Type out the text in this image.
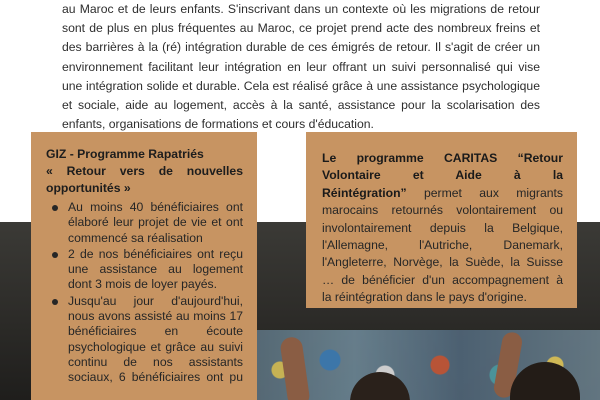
au Maroc et de leurs enfants. S'inscrivant dans un contexte où les migrations de retour
sont de plus en plus fréquentes au Maroc, ce projet prend acte des nombreux freins et
des barrières à la (ré) intégration durable de ces émigrés de retour. Il s'agit de créer un
environnement facilitant leur intégration en leur offrant un suivi personnalisé qui vise
une intégration solide et durable. Cela est réalisé grâce à une assistance psychologique
et sociale, aide au logement, accès à la santé, assistance pour la scolarisation des
enfants, organisations de formations et cours d'éducation.
GIZ - Programme Rapatriés
« Retour vers de nouvelles
opportunités »
Au moins 40 bénéficiaires ont
élaboré leur projet de vie et ont
commencé sa réalisation
2 de nos bénéficiaires ont reçu
une assistance au logement
dont 3 mois de loyer payés.
Jusqu'au jour d'aujourd'hui,
nous avons assisté au moins 17
bénéficiaires en écoute
psychologique et grâce au suivi
continu de nos assistants
sociaux, 6 bénéficiaires ont pu
Le programme CARITAS “Retour
Volontaire et Aide à la
Réintégration” permet aux migrants
marocains retournés volontairement ou
involontairement depuis la Belgique,
l'Allemagne, l'Autriche, Danemark,
l'Angleterre, Norvège, la Suède, la Suisse
… de bénéficier d'un accompagnement à
la réintégration dans le pays d'origine.
